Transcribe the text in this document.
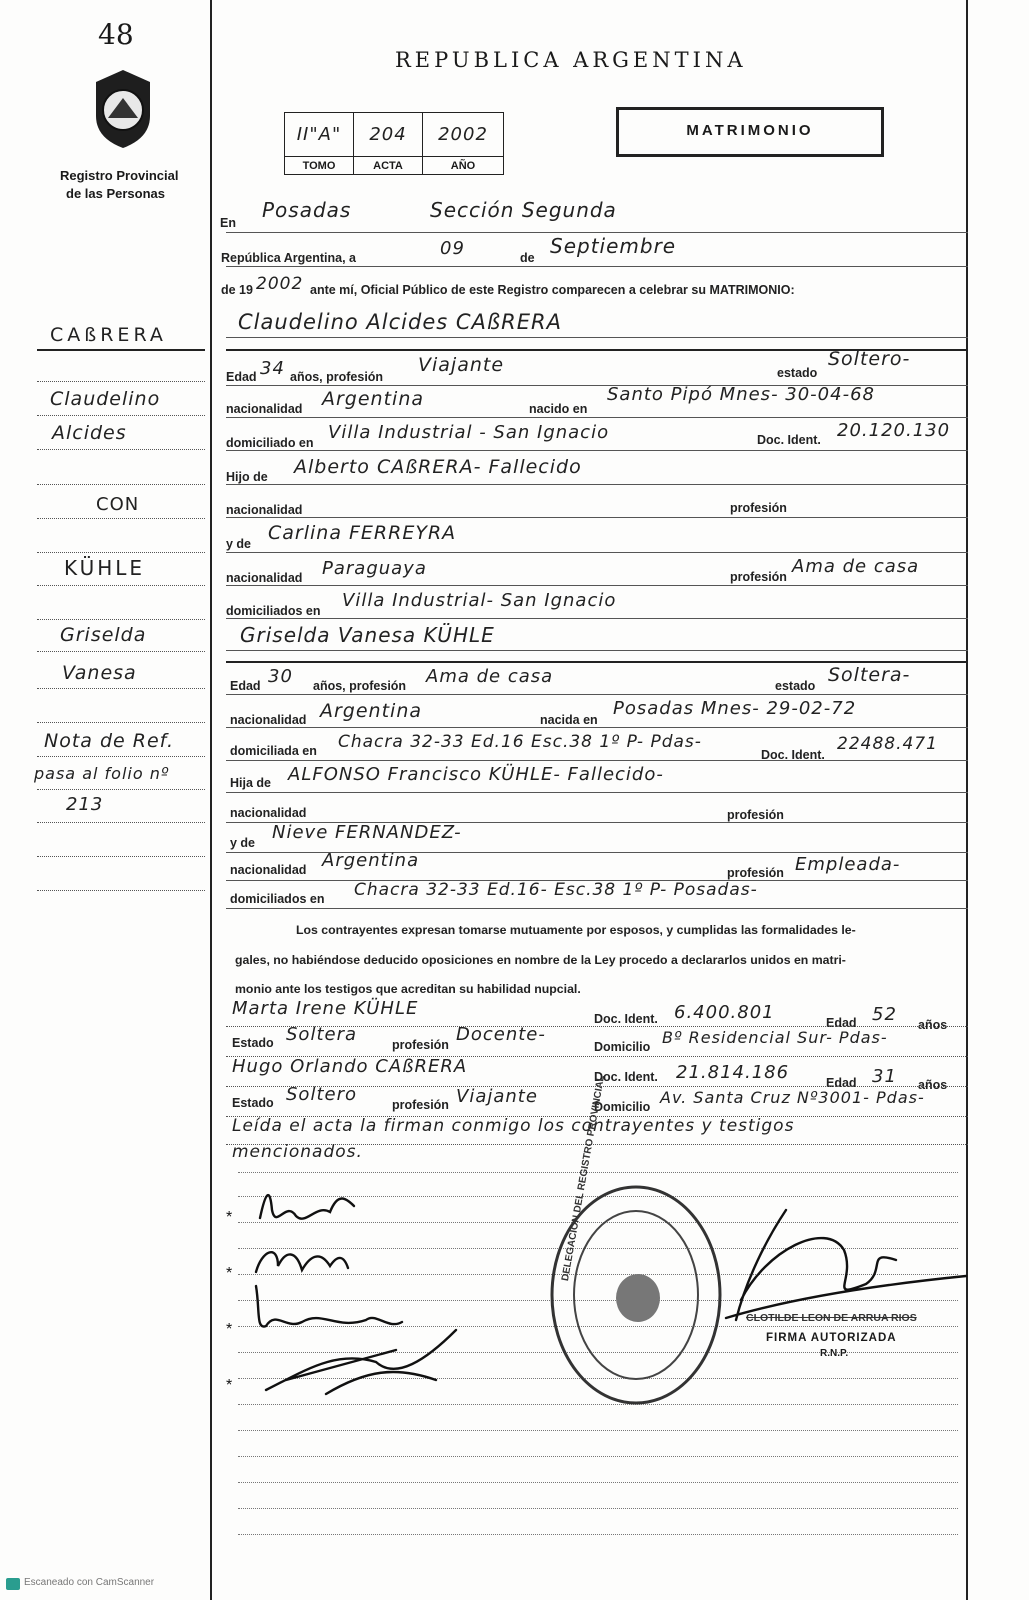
48
Registro Provincial
de las Personas
REPUBLICA ARGENTINA
MATRIMONIO
II"A"	204	2002
TOMO	ACTA	AÑO
En
Posadas	Sección Segunda
República Argentina, a	09	de Septiembre
de 19 2002 ante mí, Oficial Público de este Registro comparecen a celebrar su MATRIMONIO:
Claudelino Alcides CAßRERA
Edad 34 años, profesión
Viajante	estado
Soltero-
nacionalidad Argentina	nacido en
Santo Pipó Mnes- 30-04-68
domiciliado en Villa Industrial - San Ignacio	Doc. Ident. 20.120.130
Hijo de Alberto CAßRERA- Fallecido
nacionalidad	profesión
y de Carlina FERREYRA
nacionalidad Paraguaya	profesión Ama de casa
domiciliados en Villa Industrial- San Ignacio
Griselda Vanesa KÜHLE
Edad 30 años, profesión Ama de casa	estado Soltera-
nacionalidad Argentina	nacida en
Posadas Mnes- 29-02-72
domiciliada en Chacra 32-33 Ed.16 Esc.38 1º P- Pdas-
Doc. Ident.
22488.471
Hija de ALFONSO Francisco KÜHLE- Fallecido-
nacionalidad	profesión
y de Nieve FERNANDEZ-
nacionalidad Argentina
profesión Empleada-
domiciliados en Chacra 32-33 Ed.16- Esc.38 1º P- Posadas-
Los contrayentes expresan tomarse mutuamente por esposos, y cumplidas las formalidades le-
gales, no habiéndose deducido oposiciones en nombre de la Ley procedo a declararlos unidos en matri-
monio ante los testigos que acreditan su habilidad nupcial.
Marta Irene KÜHLE	Doc. Ident. 6.400.801	Edad 52 años
Estado Soltera	profesión Docente-
Domicilio Bº Residencial Sur- Pdas-
Hugo Orlando CAßRERA	Doc. Ident. 21.814.186	Edad 31 años
Estado Soltero	profesión Viajante	Domicilio Av. Santa Cruz Nº3001- Pdas-
Leída el acta la firman conmigo los contrayentes y testigos
mencionados.
*
*
*
*
DELEGACION DEL REGISTRO PROVINCIAL
CLOTILDE LEON DE ARRUA RIOS
FIRMA AUTORIZADA
R.N.P.
CAßRERA
Claudelino
Alcides
CON
KÜHLE
Griselda
Vanesa
Nota de Ref.
pasa al folio nº
213
Escaneado con CamScanner
